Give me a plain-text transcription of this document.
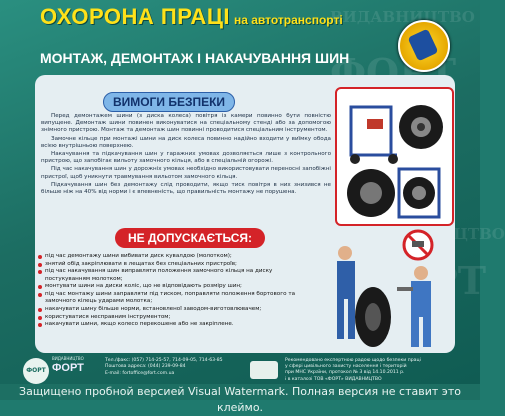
ВИДАВНИЦТВО
ФОРТ
ОХОРОНА ПРАЦІ на автотранспорті
МОНТАЖ, ДЕМОНТАЖ І НАКАЧУВАННЯ ШИН
ВИМОГИ БЕЗПЕКИ

Перед демонтажем шини (з диска колеса) повітря із камери повинно бути повністю випущене. Демонтаж шини повинен виконуватися на спеціальному стенді або за допомогою знімного пристрою. Монтаж та демонтаж шин повинні проводитися спеціальним інструментом.

Замочне кільце при монтажі шини на диск колеса повинно надійно входити у виїмку обода всією внутрішньою поверхнею.

Накачування та підкачування шин у гаражних умовах дозволяється лише з контрольного пристрою, що запобігає вильоту замочного кільця, або в спеціальній огорожі.

Під час накачування шин у дорожніх умовах необхідно використовувати переносні запобіжні пристрої, щоб уникнути травмування вильотом замочного кільця.

Підкачування шин без демонтажу слід проводити, якщо тиск повітря в них знизився не більше ніж на 40% від норми і є впевненість, що правильність монтажу не порушена.

НЕ ДОПУСКАЄТЬСЯ:
під час демонтажу шини вибивати диск кувалдою (молотком);
знятий обід закріплювати в лещатах без спеціальних пристроїв;
під час накачування шин виправляти положення замочного кільця на диску постукуванням молотком;
монтувати шини на диски коліс, що не відповідають розміру шин;
під час монтажу шини заправляти під тиском, поправляти положення бортового та замочного кілець ударами молотка;
накачувати шину більше норми, встановленої заводом-виготовлювачем;
користуватися несправним інструментом;
накачувати шини, якщо колесо перекошене або не закріплене.
ФОРТ
ВИДАВНИЦТВО
ФОРТ
Тел./факс: (057) 714-25-57, 714-09-05, 714-63-85
Поштова адреса: (044) 239-09-84
E-mail: fortoffice@fort.com.ua
Рекомендовано експертною радою щодо безпеки праці
у сфері цивільного захисту населення і територій
при МНС України, протокол № 3 від 14.10.2011 р.
і в каталозі ТОВ «ФОРТ» ВИДАВНИЦТВО
Защищено пробной версией Visual Watermark. Полная версия не ставит это клеймо.
